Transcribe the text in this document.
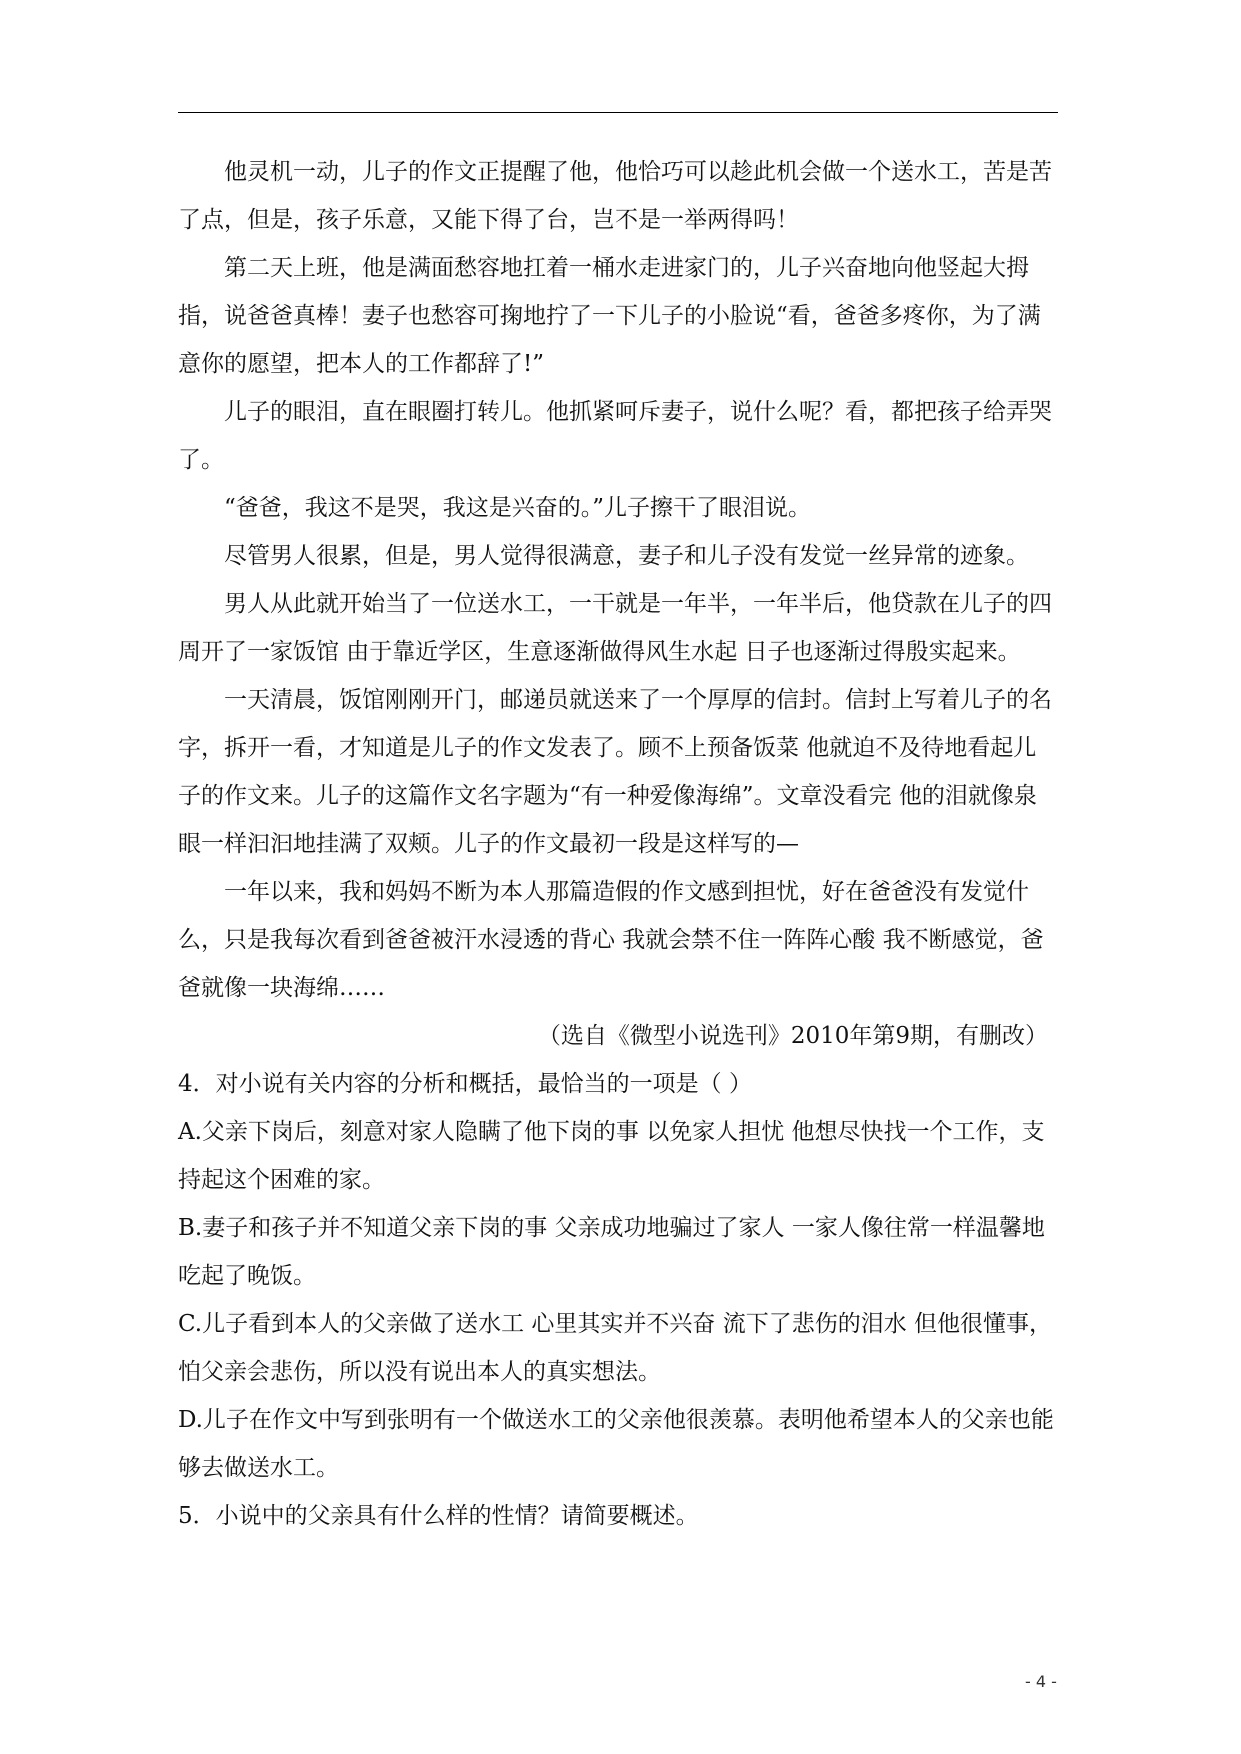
他灵机一动，儿子的作文正提醒了他，他恰巧可以趁此机会做一个送水工，苦是苦了点，但是，孩子乐意，又能下得了台，岂不是一举两得吗！

第二天上班，他是满面愁容地扛着一桶水走进家门的，儿子兴奋地向他竖起大拇指，说爸爸真棒！妻子也愁容可掬地拧了一下儿子的小脸说“看，爸爸多疼你，为了满意你的愿望，把本人的工作都辞了!”

儿子的眼泪，直在眼圈打转儿。他抓紧呵斥妻子，说什么呢？看，都把孩子给弄哭了。

“爸爸，我这不是哭，我这是兴奋的。”儿子擦干了眼泪说。

尽管男人很累，但是，男人觉得很满意，妻子和儿子没有发觉一丝异常的迹象。

男人从此就开始当了一位送水工，一干就是一年半，一年半后，他贷款在儿子的四周开了一家饭馆 由于靠近学区，生意逐渐做得风生水起 日子也逐渐过得殷实起来。

一天清晨，饭馆刚刚开门，邮递员就送来了一个厚厚的信封。信封上写着儿子的名字，拆开一看，才知道是儿子的作文发表了。顾不上预备饭菜 他就迫不及待地看起儿子的作文来。儿子的这篇作文名字题为“有一种爱像海绵”。文章没看完 他的泪就像泉眼一样汩汩地挂满了双颊。儿子的作文最初一段是这样写的—

一年以来，我和妈妈不断为本人那篇造假的作文感到担忧，好在爸爸没有发觉什么，只是我每次看到爸爸被汗水浸透的背心 我就会禁不住一阵阵心酸 我不断感觉，爸爸就像一块海绵……

（选自《微型小说选刊》2010年第9期，有删改）

4．对小说有关内容的分析和概括，最恰当的一项是（ ）

A.父亲下岗后，刻意对家人隐瞒了他下岗的事 以免家人担忧 他想尽快找一个工作，支持起这个困难的家。

B.妻子和孩子并不知道父亲下岗的事 父亲成功地骗过了家人 一家人像往常一样温馨地吃起了晚饭。

C.儿子看到本人的父亲做了送水工 心里其实并不兴奋 流下了悲伤的泪水 但他很懂事，怕父亲会悲伤，所以没有说出本人的真实想法。

D.儿子在作文中写到张明有一个做送水工的父亲他很羡慕。表明他希望本人的父亲也能够去做送水工。

5．小说中的父亲具有什么样的性情？请简要概述。

- 4 -
